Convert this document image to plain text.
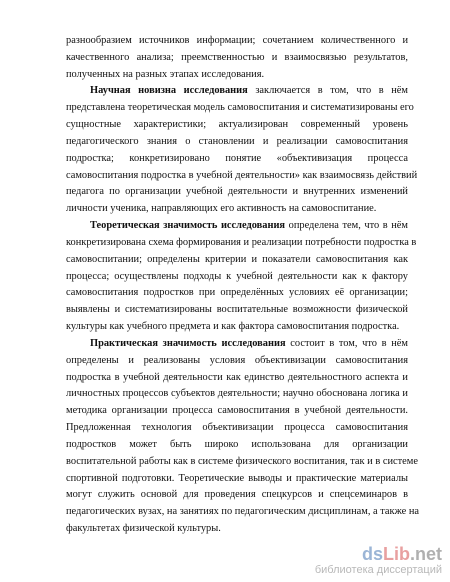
разнообразием источников информации; сочетанием количественного и
качественного анализа; преемственностью и взаимосвязью результатов,
полученных на разных этапах исследования.
Научная новизна исследования заключается в том, что в нём
представлена теоретическая модель самовоспитания и систематизированы его
сущностные характеристики; актуализирован современный уровень
педагогического знания о становлении и реализации самовоспитания
подростка; конкретизировано понятие «объективизация процесса
самовоспитания подростка в учебной деятельности» как взаимосвязь действий
педагога по организации учебной деятельности и внутренних изменений
личности ученика, направляющих его активность на самовоспитание.
Теоретическая значимость исследования определена тем, что в нём
конкретизирована схема формирования и реализации потребности подростка в
самовоспитании; определены критерии и показатели самовоспитания как
процесса; осуществлены подходы к учебной деятельности как к фактору
самовоспитания подростков при определённых условиях её организации;
выявлены и систематизированы воспитательные возможности физической
культуры как учебного предмета и как фактора самовоспитания подростка.
Практическая значимость исследования состоит в том, что в нём
определены и реализованы условия объективизации самовоспитания
подростка в учебной деятельности как единство деятельностного аспекта и
личностных процессов субъектов деятельности; научно обоснована логика и
методика организации процесса самовоспитания в учебной деятельности.
Предложенная технология объективизации процесса самовоспитания
подростков может быть широко использована для организации
воспитательной работы как в системе физического воспитания, так и в системе
спортивной подготовки. Теоретические выводы и практические материалы
могут служить основой для проведения спецкурсов и спецсеминаров в
педагогических вузах, на занятиях по педагогическим дисциплинам, а также на
факультетах физической культуры.
dsLib.net
библиотека диссертаций
